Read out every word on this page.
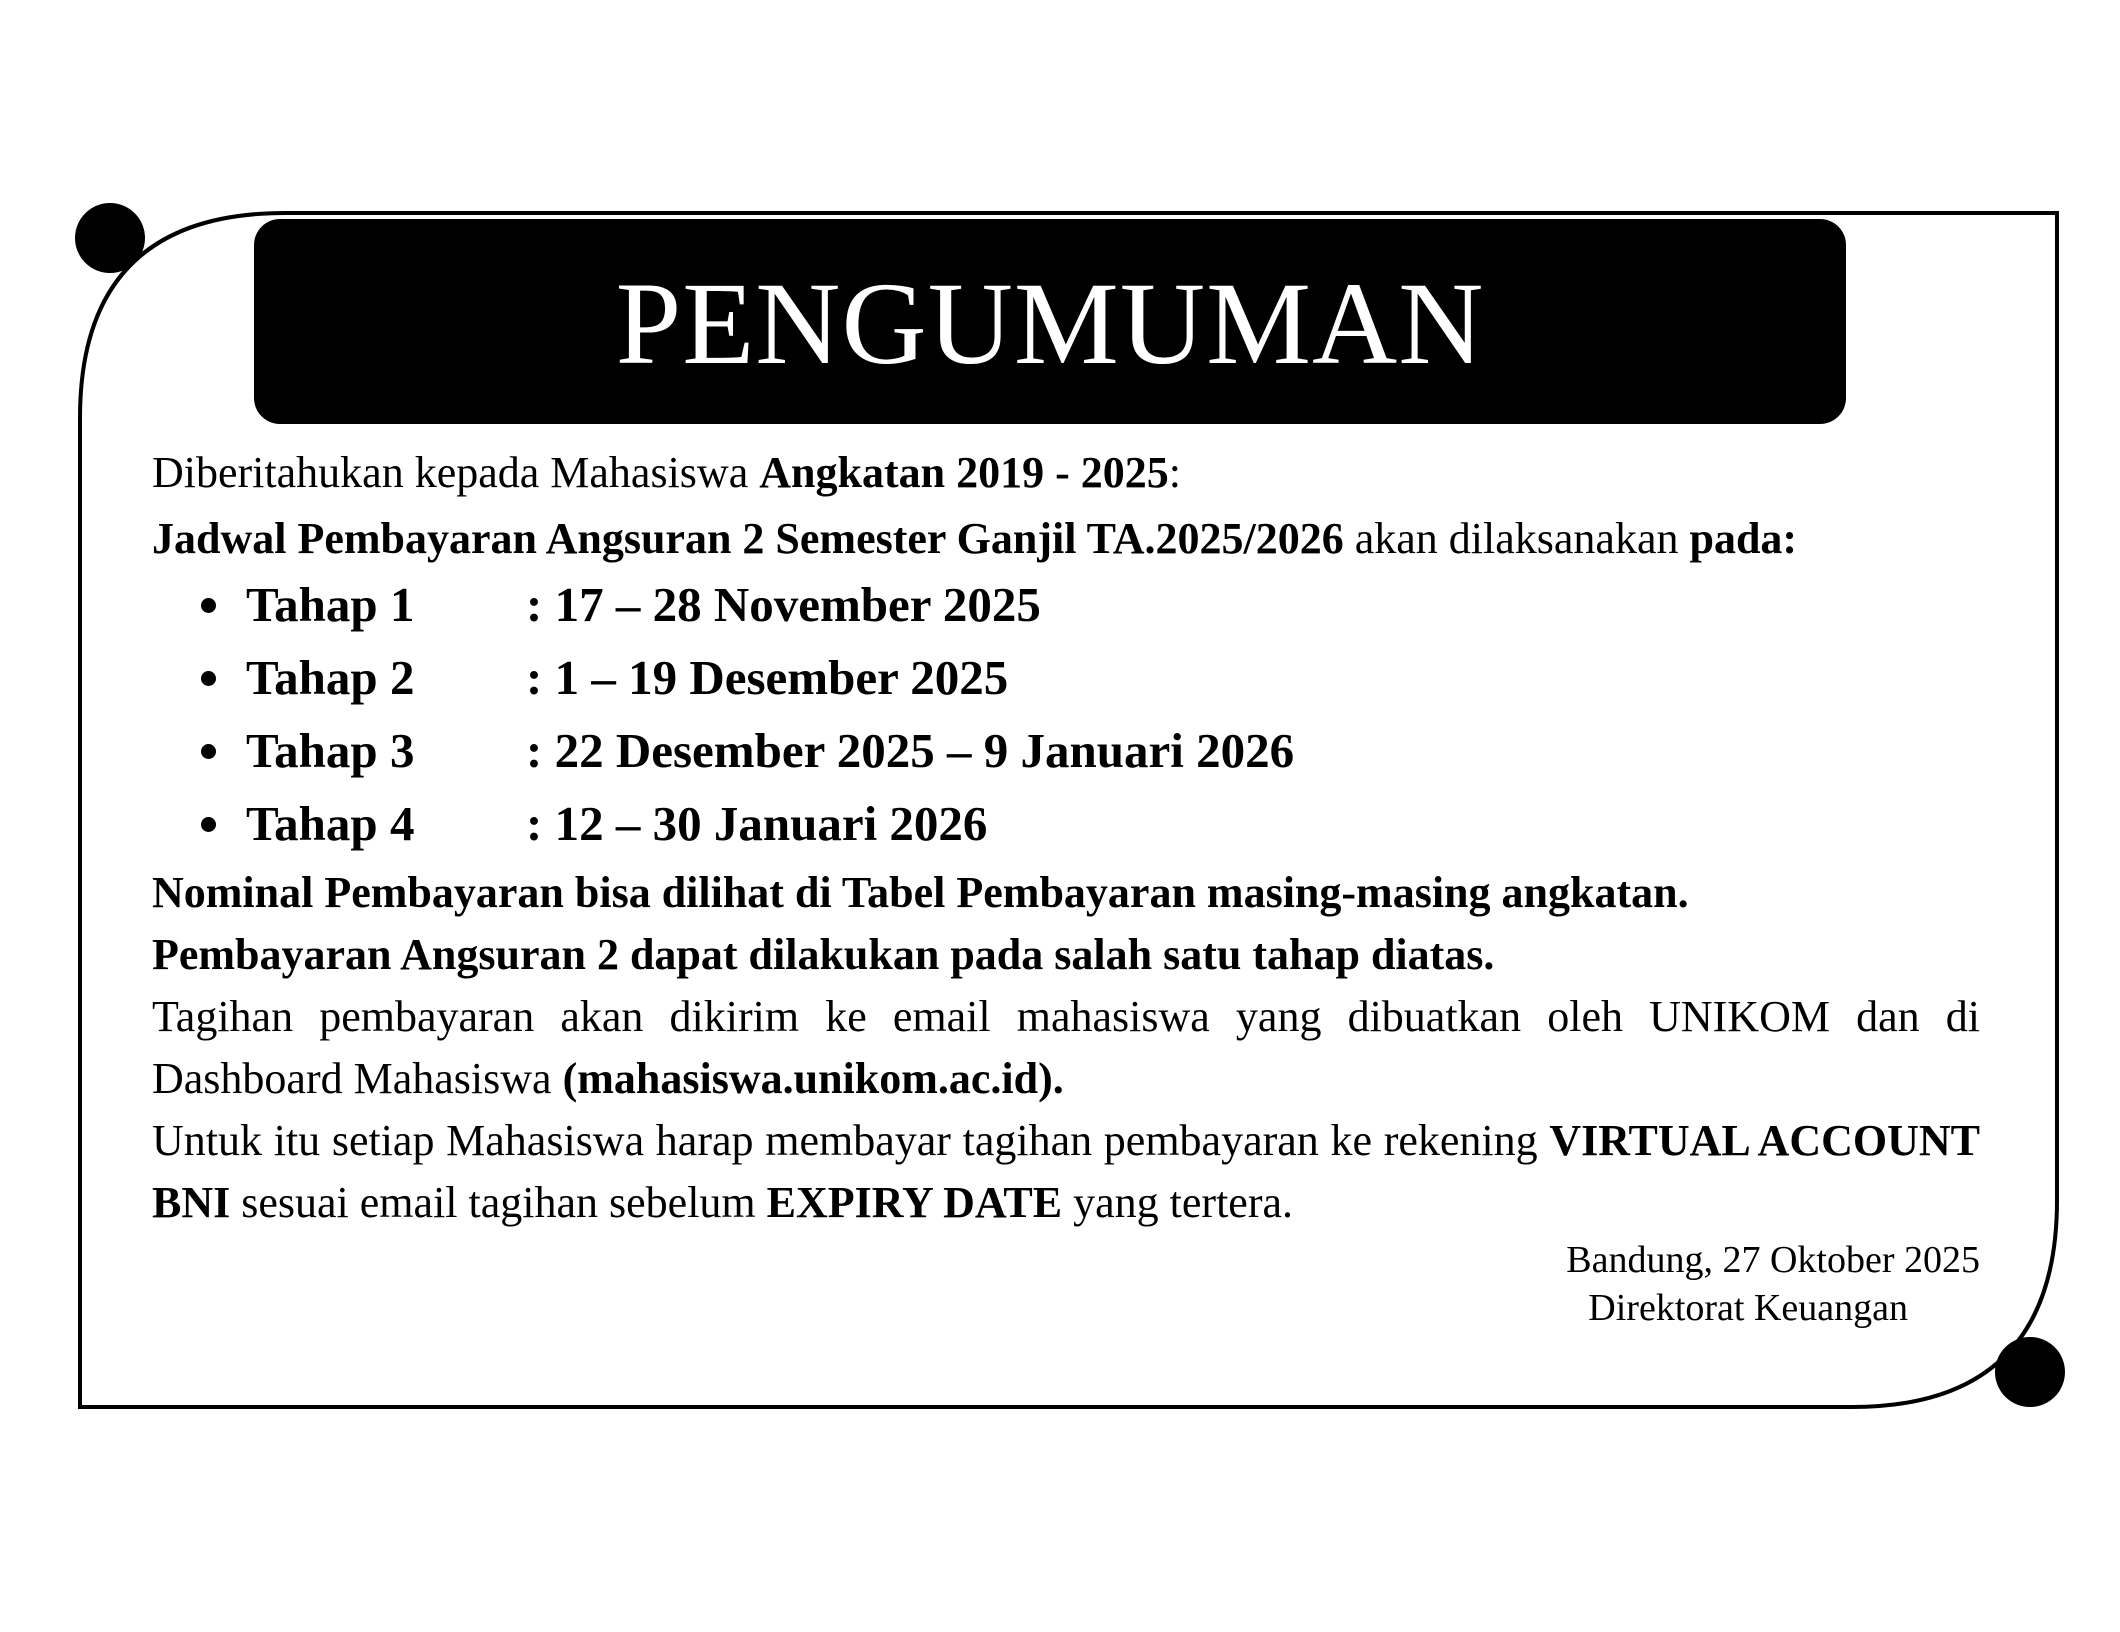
PENGUMUMAN
Diberitahukan kepada Mahasiswa Angkatan 2019 - 2025:
Jadwal Pembayaran Angsuran 2 Semester Ganjil TA.2025/2026 akan dilaksanakan pada:
Tahap 1 : 17 – 28 November 2025
Tahap 2 : 1 – 19 Desember 2025
Tahap 3 : 22 Desember 2025 – 9 Januari 2026
Tahap 4 : 12 – 30 Januari 2026
Nominal Pembayaran bisa dilihat di Tabel Pembayaran masing-masing angkatan.
Pembayaran Angsuran 2 dapat dilakukan pada salah satu tahap diatas.
Tagihan pembayaran akan dikirim ke email mahasiswa yang dibuatkan oleh UNIKOM dan di Dashboard Mahasiswa (mahasiswa.unikom.ac.id).
Untuk itu setiap Mahasiswa harap membayar tagihan pembayaran ke rekening VIRTUAL ACCOUNT BNI sesuai email tagihan sebelum EXPIRY DATE yang tertera.
Bandung, 27 Oktober 2025
Direktorat Keuangan
